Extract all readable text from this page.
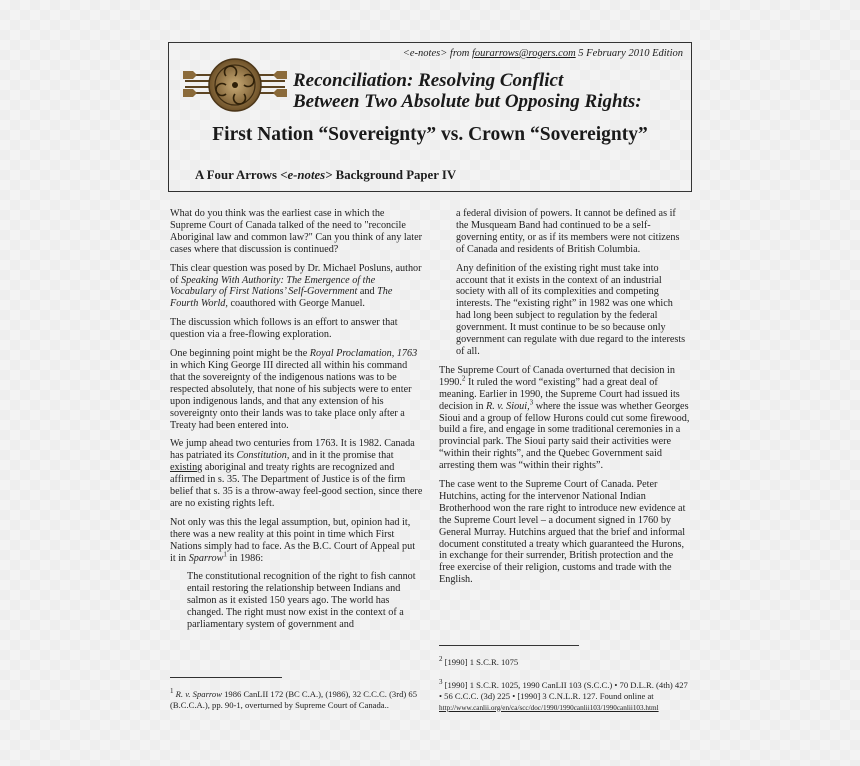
<e-notes> from fourarrows@rogers.com 5 February 2010 Edition
Reconciliation: Resolving Conflict
Between Two Absolute but Opposing Rights:
First Nation “Sovereignty” vs. Crown “Sovereignty”
A Four Arrows <e-notes> Background Paper IV

What do you think was the earliest case in which the Supreme Court of Canada talked of the need to "reconcile Aboriginal law and common law?" Can you think of any later cases where that discussion is continued?

This clear question was posed by Dr. Michael Posluns, author of Speaking With Authority: The Emergence of the Vocabulary of First Nations’ Self-Government and The Fourth World, coauthored with George Manuel.

The discussion which follows is an effort to answer that question via a free-flowing exploration.

One beginning point might be the Royal Proclamation, 1763 in which King George III directed all within his command that the sovereignty of the indigenous nations was to be respected absolutely, that none of his subjects were to enter upon indigenous lands, and that any extension of his sovereignty onto their lands was to take place only after a Treaty had been entered into.

We jump ahead two centuries from 1763. It is 1982. Canada has patriated its Constitution, and in it the promise that existing aboriginal and treaty rights are recognized and affirmed in s. 35. The Department of Justice is of the firm belief that s. 35 is a throw-away feel-good section, since there are no existing rights left.

Not only was this the legal assumption, but, opinion had it, there was a new reality at this point in time which First Nations simply had to face. As the B.C. Court of Appeal put it in Sparrow$^1$ in 1986:

The constitutional recognition of the right to fish cannot entail restoring the relationship between Indians and salmon as it existed 150 years ago. The world has changed. The right must now exist in the context of a parliamentary system of government and

a federal division of powers. It cannot be defined as if the Musqueam Band had continued to be a self-governing entity, or as if its members were not citizens of Canada and residents of British Columbia.

Any definition of the existing right must take into account that it exists in the context of an industrial society with all of its complexities and competing interests. The “existing right” in 1982 was one which had long been subject to regulation by the federal government. It must continue to be so because only government can regulate with due regard to the interests of all.

The Supreme Court of Canada overturned that decision in 1990.$^2$ It ruled the word “existing” had a great deal of meaning. Earlier in 1990, the Supreme Court had issued its decision in R. v. Sioui,$^3$ where the issue was whether Georges Sioui and a group of fellow Hurons could cut some firewood, build a fire, and engage in some traditional ceremonies in a provincial park. The Sioui party said their activities were “within their rights”, and the Quebec Government said arresting them was “within their rights”.

The case went to the Supreme Court of Canada. Peter Hutchins, acting for the intervenor National Indian Brotherhood won the rare right to introduce new evidence at the Supreme Court level – a document signed in 1760 by General Murray. Hutchins argued that the brief and informal document constituted a treaty which guaranteed the Hurons, in exchange for their surrender, British protection and the free exercise of their religion, customs and trade with the English.

$^1$ R. v. Sparrow 1986 CanLII 172 (BC C.A.), (1986), 32 C.C.C. (3rd) 65 (B.C.C.A.), pp. 90-1, overturned by Supreme Court of Canada..
$^2$ [1990] 1 S.C.R. 1075
$^3$ [1990] 1 S.C.R. 1025, 1990 CanLII 103 (S.C.C.) • 70 D.L.R. (4th) 427 • 56 C.C.C. (3d) 225 • [1990] 3 C.N.L.R. 127. Found online at
http://www.canlii.org/en/ca/scc/doc/1990/1990canlii103/1990canlii103.html
